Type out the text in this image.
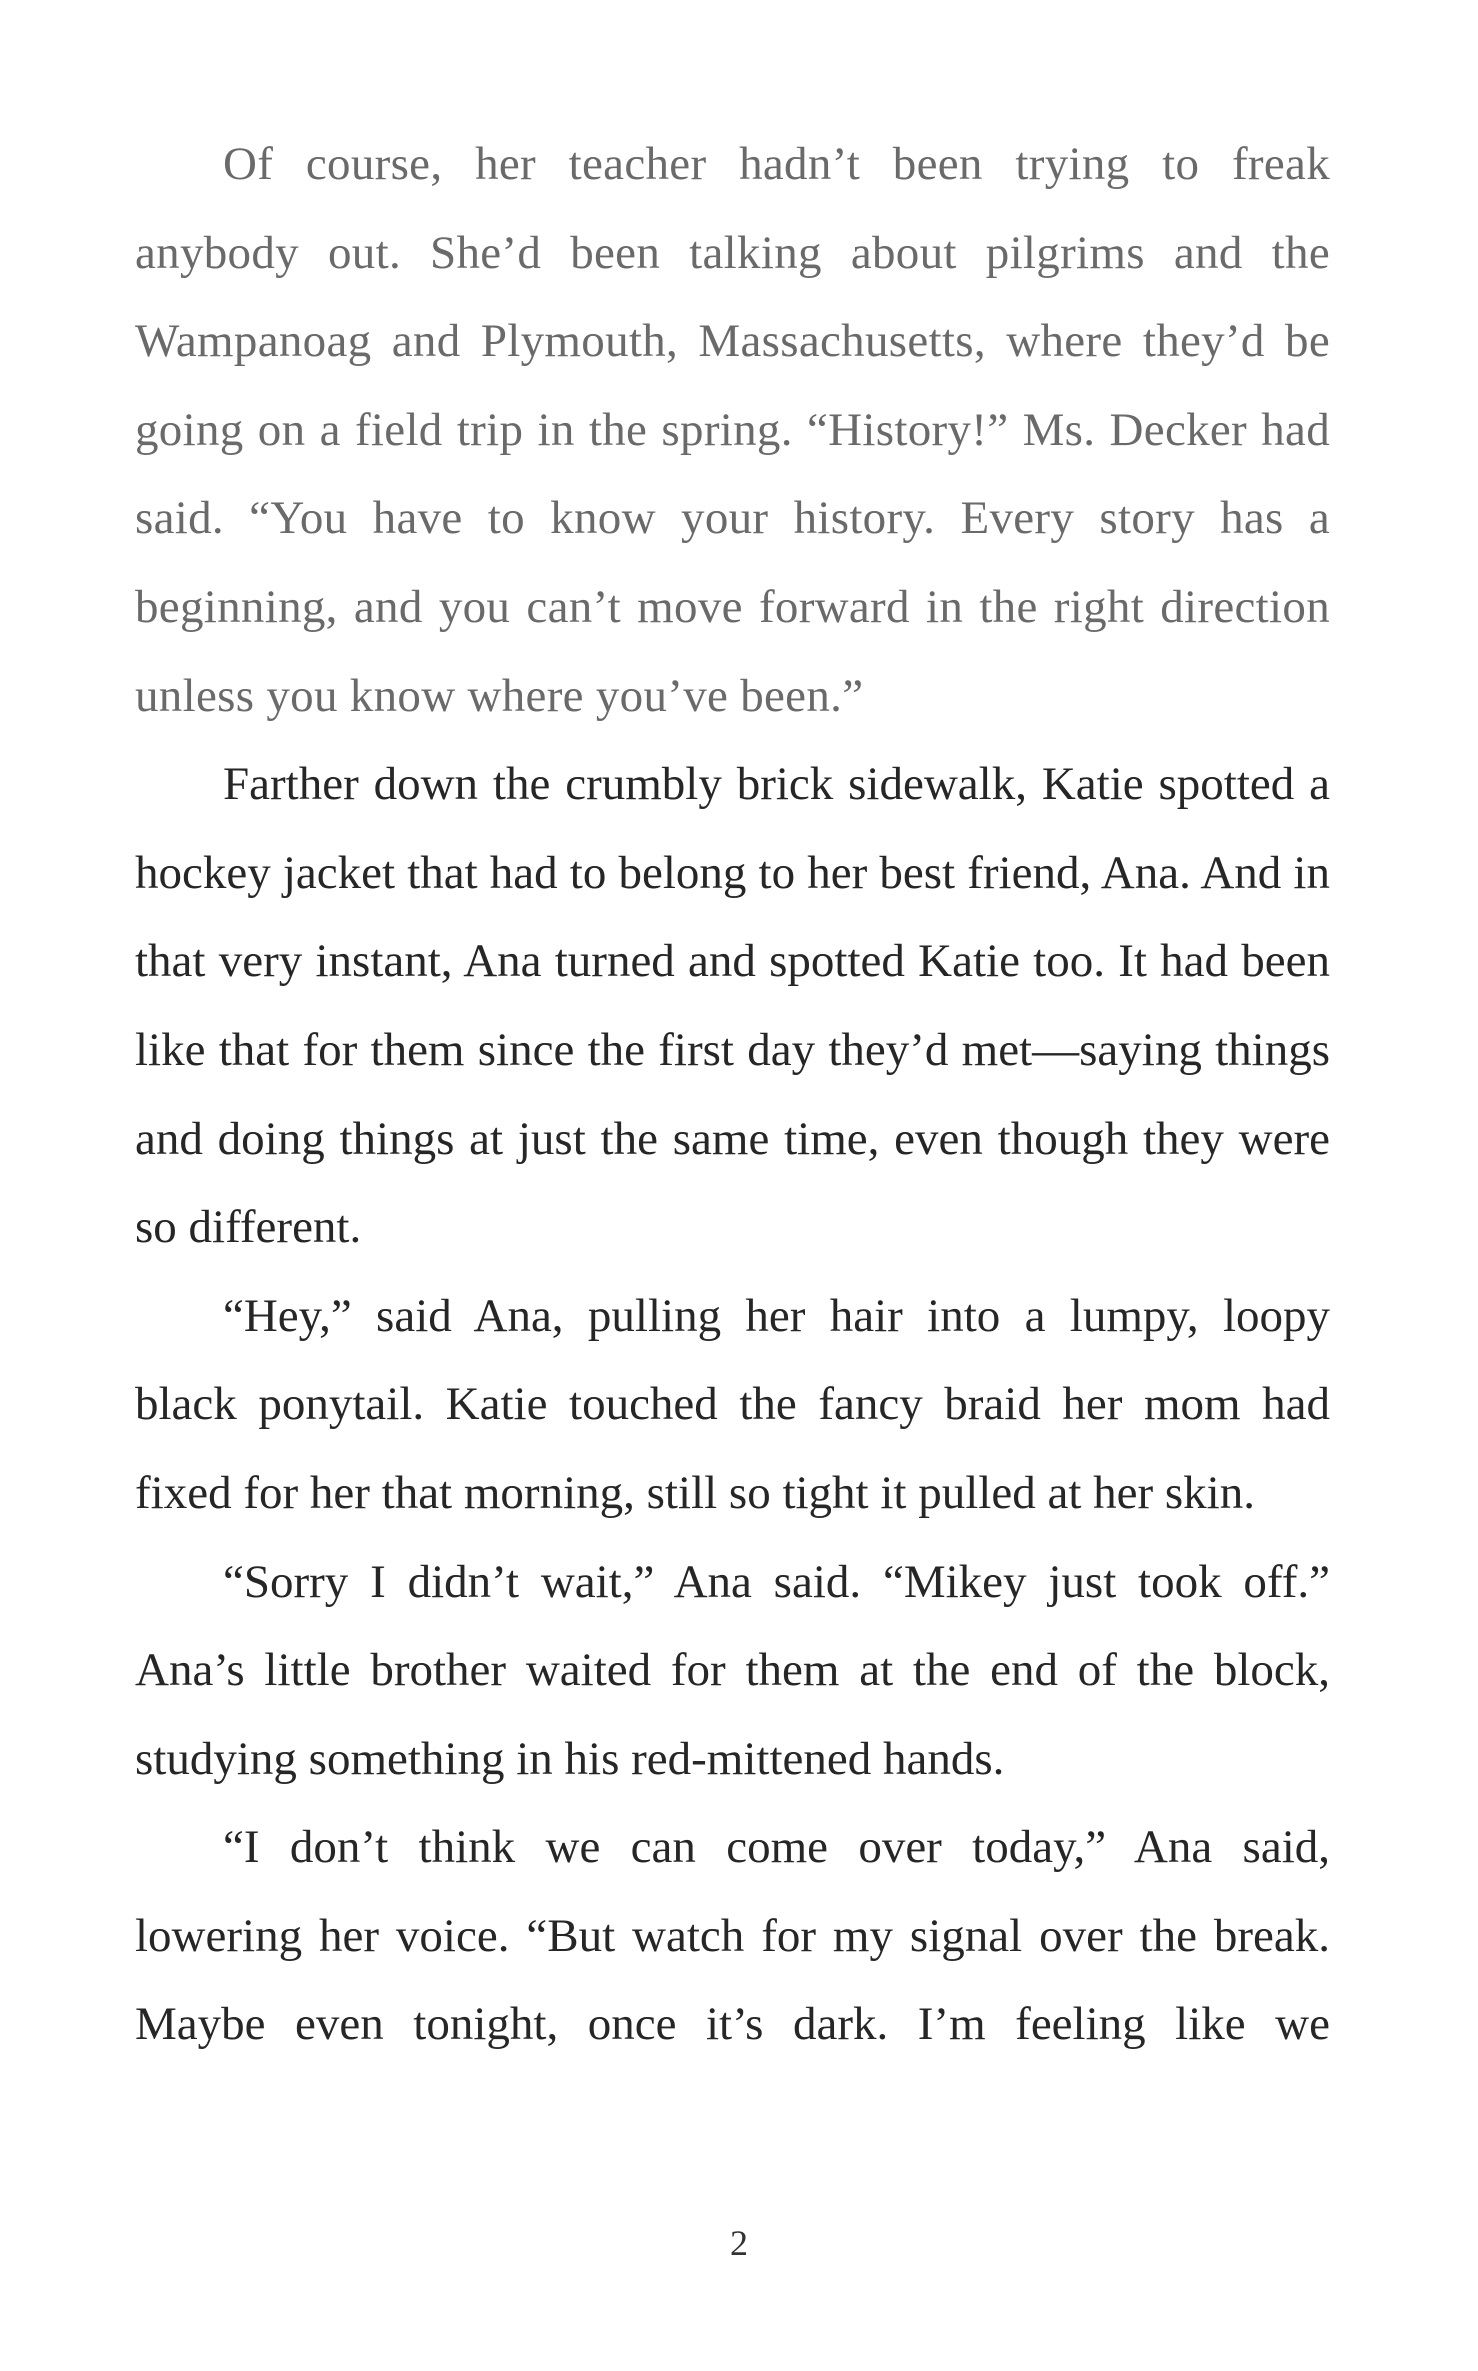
Of course, her teacher hadn’t been trying to freak anybody out. She’d been talking about pilgrims and the Wampanoag and Plymouth, Massachusetts, where they’d be going on a field trip in the spring. “History!” Ms. Decker had said. “You have to know your history. Every story has a beginning, and you can’t move forward in the right direction unless you know where you’ve been.”

Farther down the crumbly brick sidewalk, Katie spotted a hockey jacket that had to belong to her best friend, Ana. And in that very instant, Ana turned and spotted Katie too. It had been like that for them since the first day they’d met—saying things and doing things at just the same time, even though they were so different.

“Hey,” said Ana, pulling her hair into a lumpy, loopy black ponytail. Katie touched the fancy braid her mom had fixed for her that morning, still so tight it pulled at her skin.

“Sorry I didn’t wait,” Ana said. “Mikey just took off.” Ana’s little brother waited for them at the end of the block, studying something in his red-mittened hands.

“I don’t think we can come over today,” Ana said, lowering her voice. “But watch for my signal over the break. Maybe even tonight, once it’s dark. I’m feeling like we

2
